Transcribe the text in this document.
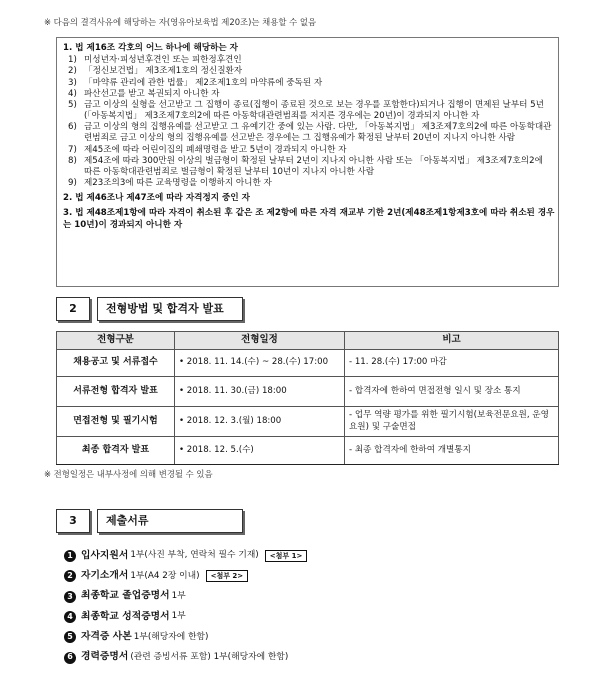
※ 다음의 결격사유에 해당하는 자(영유아보육법 제20조)는 채용할 수 없음
1. 법 제16조 각호의 어느 하나에 해당하는 자
1) 미성년자·피성년후견인 또는 피한정후견인
2) 「정신보건법」 제3조제1호의 정신질환자
3) 「마약류 관리에 관한 법률」 제2조제1호의 마약류에 중독된 자
4) 파산선고를 받고 복권되지 아니한 자
5) 금고 이상의 실형을 선고받고 그 집행이 종료(집행이 종료된 것으로 보는 경우를 포함한다)되거나 집행이 면제된 날부터 5년(「아동복지법」 제3조제7호의2에 따른 아동학대관련범죄를 저지른 경우에는 20년)이 경과되지 아니한 자
6) 금고 이상의 형의 집행유예를 선고받고 그 유예기간 중에 있는 사람. 다만, 「아동복지법」 제3조제7호의2에 따른 아동학대관련범죄로 금고 이상의 형의 집행유예를 선고받은 경우에는 그 집행유예가 확정된 날부터 20년이 지나지 아니한 사람
7) 제45조에 따라 어린이집의 폐쇄명령을 받고 5년이 경과되지 아니한 자
8) 제54조에 따라 300만원 이상의 벌금형이 확정된 날부터 2년이 지나지 아니한 사람 또는 「아동복지법」 제3조제7호의2에 따른 아동학대관련범죄로 벌금형이 확정된 날부터 10년이 지나지 아니한 사람
9) 제23조의3에 따른 교육명령을 이행하지 아니한 자
2. 법 제46조나 제47조에 따라 자격정지 중인 자
3. 법 제48조제1항에 따라 자격이 취소된 후 같은 조 제2항에 따른 자격 재교부 기한 2년(제48조제1항제3호에 따라 취소된 경우는 10년)이 경과되지 아니한 자
2	전형방법 및 합격자 발표
전형구분	전형일정	비고
채용공고 및 서류접수	• 2018. 11. 14.(수) ~ 28.(수) 17:00	- 11. 28.(수) 17:00 마감
서류전형 합격자 발표	• 2018. 11. 30.(금) 18:00	- 합격자에 한하여 면접전형 일시 및 장소 통지
면접전형 및 필기시험	• 2018. 12. 3.(월) 18:00	- 업무 역량 평가를 위한 필기시험(보육전문요원, 운영요원) 및 구술면접
최종 합격자 발표	• 2018. 12. 5.(수)	- 최종 합격자에 한하여 개별통지
※ 전형일정은 내부사정에 의해 변경될 수 있음
3	제출서류
1 입사지원서 1부(사진 부착, 연락처 필수 기재)	<첨부 1>
2 자기소개서 1부(A4 2장 이내)	<첨부 2>
3 최종학교 졸업증명서 1부
4 최종학교 성적증명서 1부
5 자격증 사본 1부(해당자에 한함)
6 경력증명서 (관련 증빙서류 포함) 1부(해당자에 한함)
